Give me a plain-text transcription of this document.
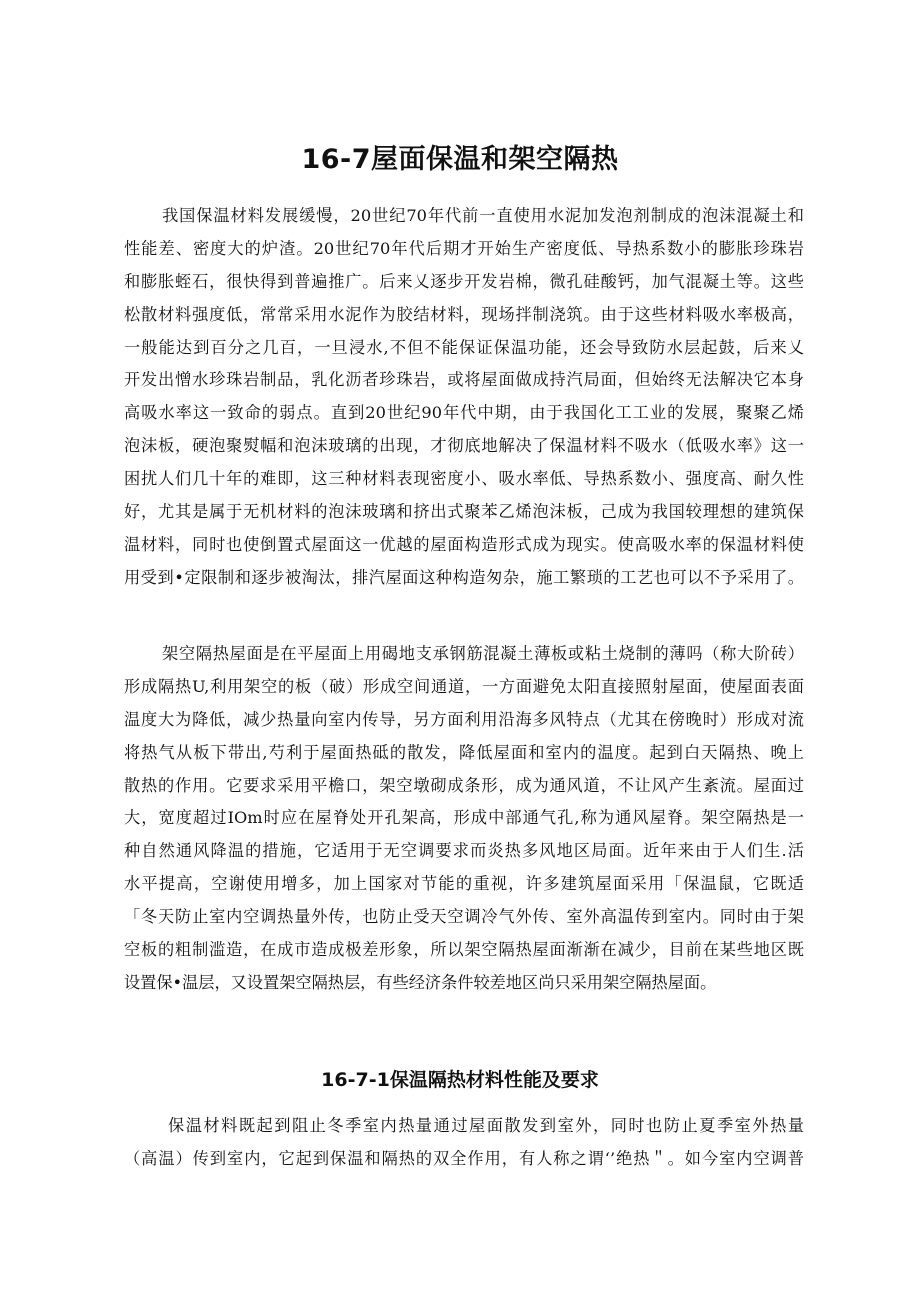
16-7屋面保温和架空隔热
我国保温材料发展缓慢，20世纪70年代前一直使用水泥加发泡剂制成的泡沫混凝土和
性能差、密度大的炉渣。20世纪70年代后期才开始生产密度低、导热系数小的膨胀珍珠岩
和膨胀蛭石，很快得到普遍推广。后来乂逐步开发岩棉，微孔硅酸钙，加气混凝土等。这些
松散材料强度低，常常采用水泥作为胶结材料，现场拌制浇筑。由于这些材料吸水率极高，
一般能达到百分之几百，一旦浸水,不但不能保证保温功能，还会导致防水层起鼓，后来乂
开发出憎水珍珠岩制品，乳化沥者珍珠岩，或将屋面做成持汽局面，但始终无法解决它本身
高吸水率这一致命的弱点。直到20世纪90年代中期，由于我国化工工业的发展，聚聚乙烯
泡沫板，硬泡聚熨幅和泡沫玻璃的出现，才彻底地解决了保温材料不吸水（低吸水率》这一
困扰人们几十年的难即，这三种材料表现密度小、吸水率低、导热系数小、强度高、耐久性
好，尤其是属于无机材料的泡沫玻璃和挤出式聚苯乙烯泡沫板，己成为我国较理想的建筑保
温材料，同时也使倒置式屋面这一优越的屋面构造形式成为现实。使高吸水率的保温材料使
用受到•定限制和逐步被淘汰，排汽屋面这种构造匆杂，施工繁琐的工艺也可以不予采用了。
架空隔热屋面是在平屋面上用碣地支承钢筋混凝土薄板或粘土烧制的薄吗（称大阶砖）
形成隔热U,利用架空的板（破）形成空间通道，一方面避免太阳直接照射屋面，使屋面表面
温度大为降低，减少热量向室内传导，另方面利用沿海多风特点（尤其在傍晚时）形成对流
将热气从板下带出,芍利于屋面热砥的散发，降低屋面和室内的温度。起到白天隔热、晚上
散热的作用。它要求采用平檐口，架空墩砌成条形，成为通风道，不让风产生紊流。屋面过
大，宽度超过IOm时应在屋脊处开孔架高，形成中部通气孔,称为通风屋脊。架空隔热是一
种自然通风降温的措施，它适用于无空调要求而炎热多风地区局面。近年来由于人们生.活
水平提高，空谢使用增多，加上国家对节能的重视，许多建筑屋面采用「保温鼠，它既适
「冬天防止室内空调热量外传，也防止受天空调冷气外传、室外高温传到室内。同时由于架
空板的粗制滥造，在成市造成极差形象，所以架空隔热屋面渐渐在减少，目前在某些地区既
设置保•温层，又设置架空隔热层，有些经济条件较差地区尚只采用架空隔热屋面。
16-7-1保温隔热材料性能及要求
保温材料既起到阻止冬季室内热量通过屋面散发到室外，同时也防止夏季室外热量
（高温）传到室内，它起到保温和隔热的双全作用，有人称之谓‘’绝热＂。如今室内空调普
